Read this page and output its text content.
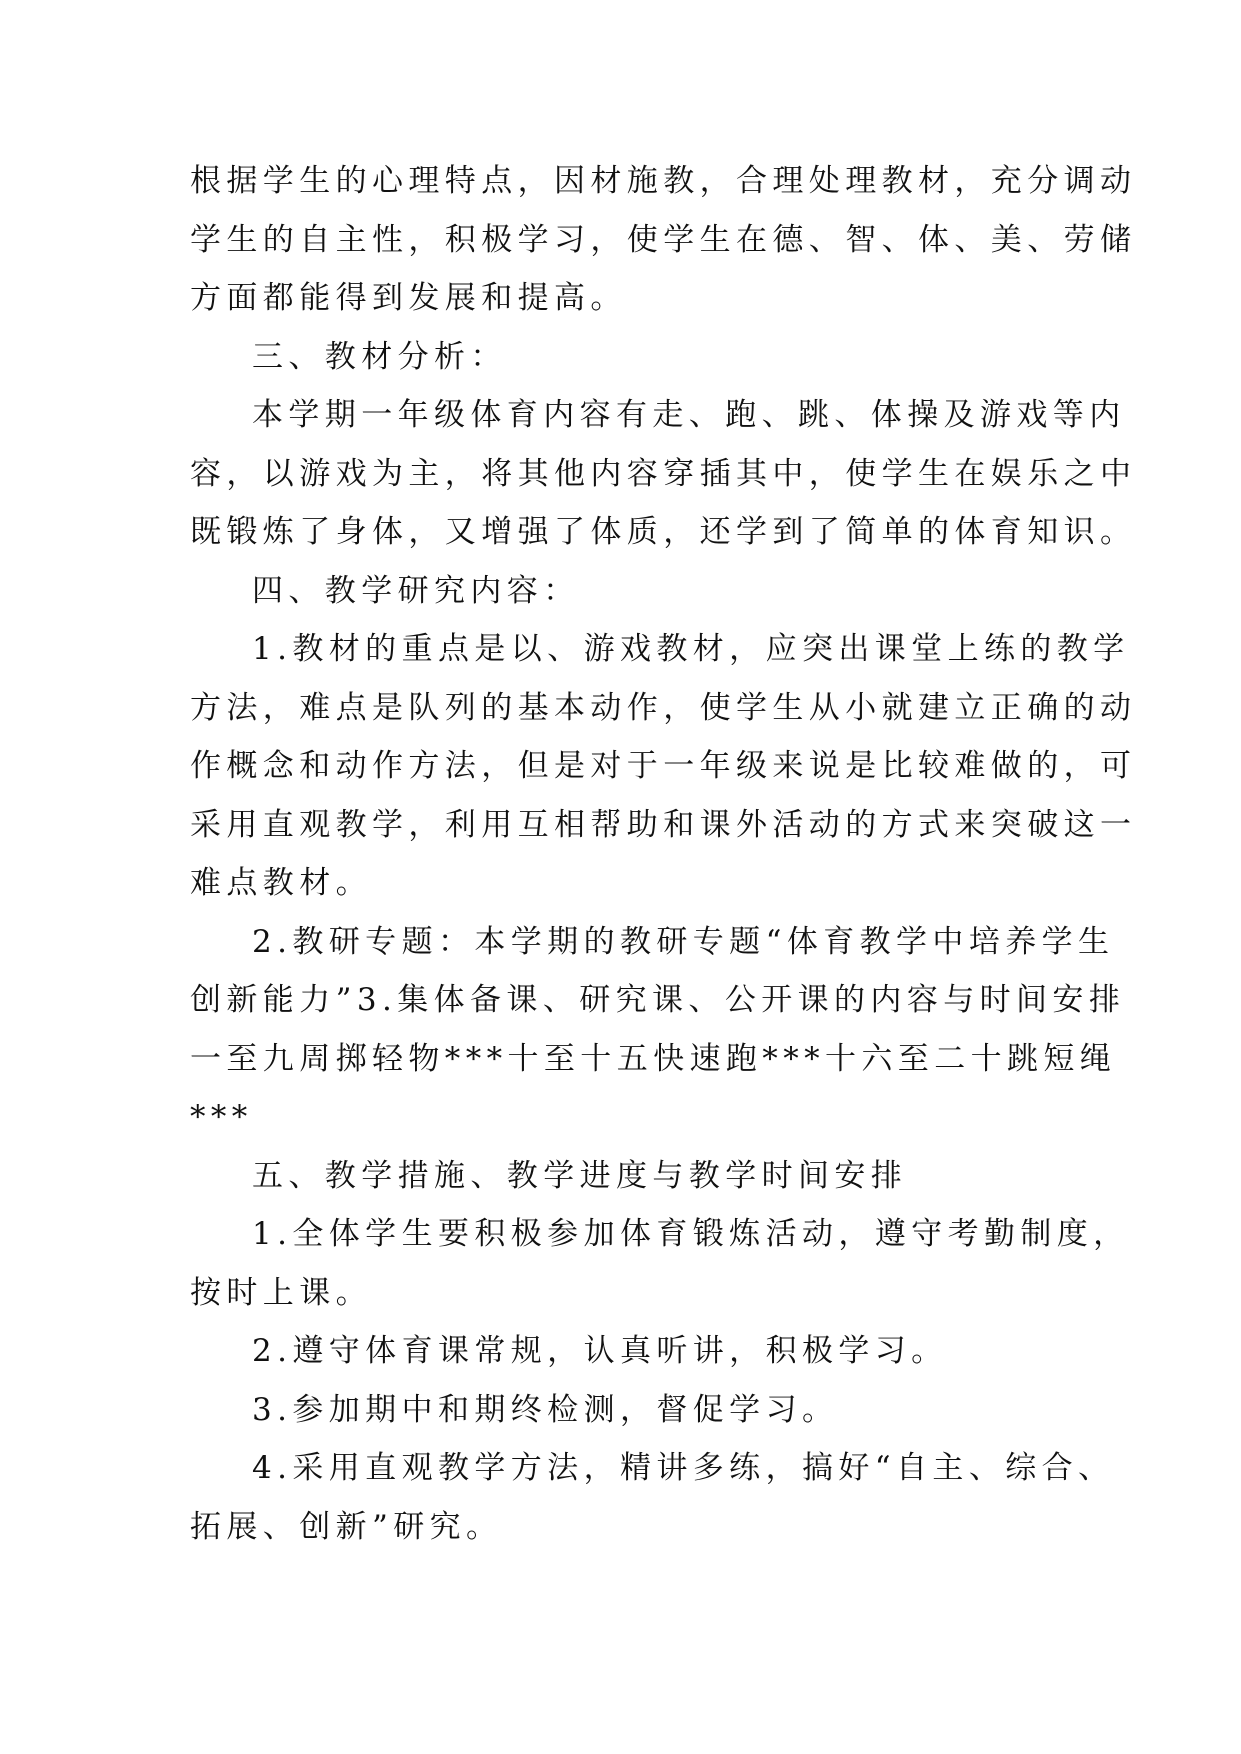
根据学生的心理特点，因材施教，合理处理教材，充分调动
学生的自主性，积极学习，使学生在德、智、体、美、劳储
方面都能得到发展和提高。
三、教材分析：
本学期一年级体育内容有走、跑、跳、体操及游戏等内
容，以游戏为主，将其他内容穿插其中，使学生在娱乐之中
既锻炼了身体，又增强了体质，还学到了简单的体育知识。
四、教学研究内容：
1.教材的重点是以、游戏教材，应突出课堂上练的教学
方法，难点是队列的基本动作，使学生从小就建立正确的动
作概念和动作方法，但是对于一年级来说是比较难做的，可
采用直观教学，利用互相帮助和课外活动的方式来突破这一
难点教材。
2.教研专题：本学期的教研专题“体育教学中培养学生
创新能力”3.集体备课、研究课、公开课的内容与时间安排
一至九周掷轻物***十至十五快速跑***十六至二十跳短绳
***
五、教学措施、教学进度与教学时间安排
1.全体学生要积极参加体育锻炼活动，遵守考勤制度，
按时上课。
2.遵守体育课常规，认真听讲，积极学习。
3.参加期中和期终检测，督促学习。
4.采用直观教学方法，精讲多练，搞好“自主、综合、
拓展、创新”研究。
